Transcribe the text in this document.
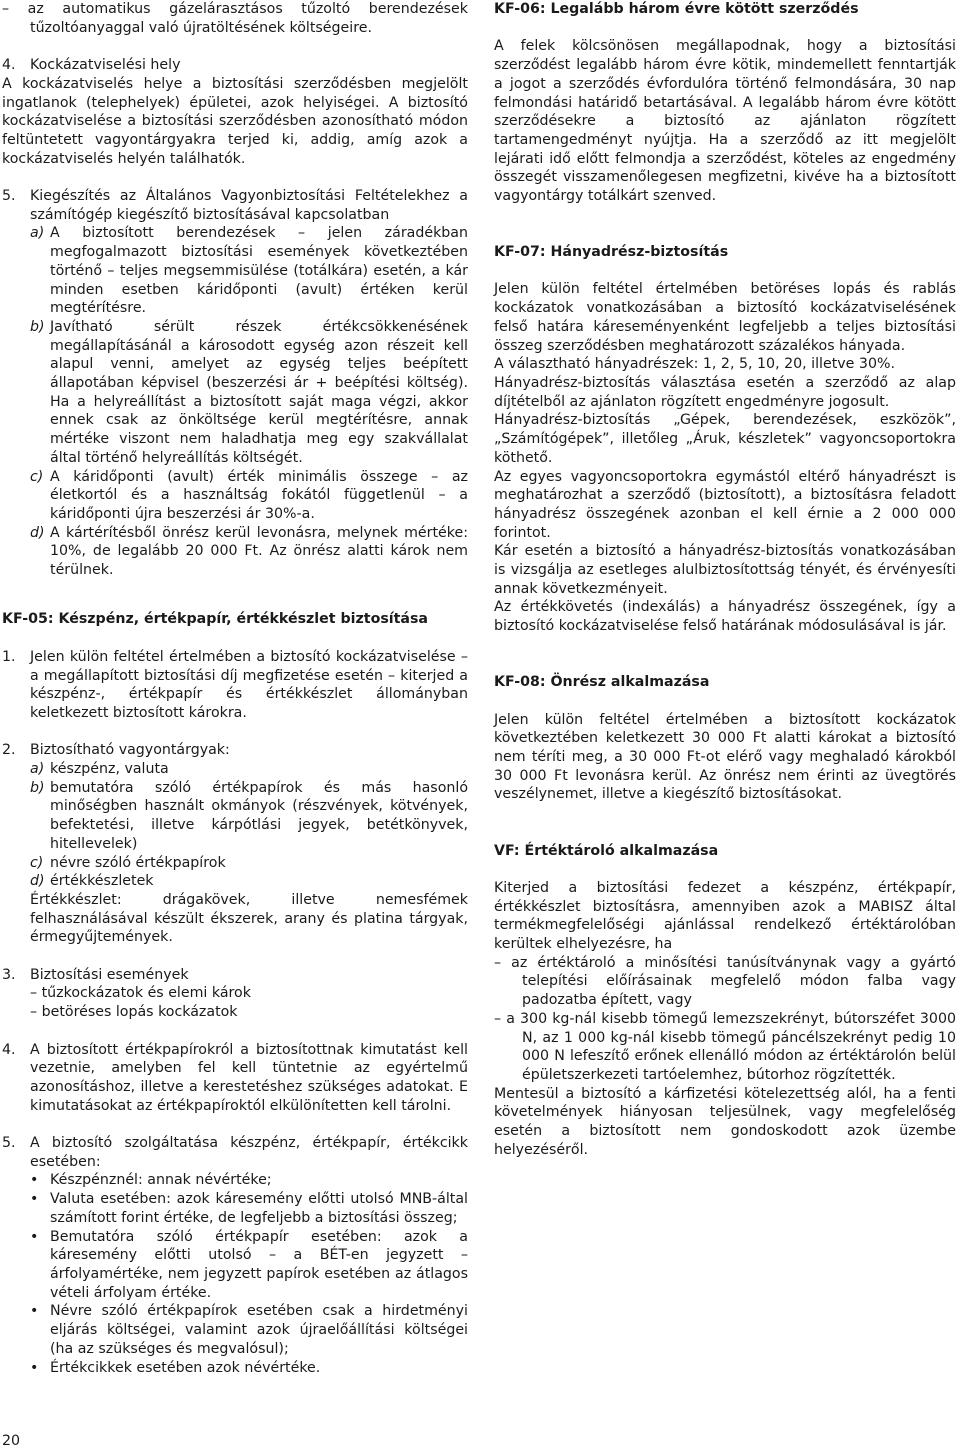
– az automatikus gázelárasztásos tűzoltó berendezések tűzoltóanyaggal való újratöltésének költségeire.

4. Kockázatviselési hely

A kockázatviselés helye a biztosítási szerződésben megjelölt ingatlanok (telephelyek) épületei, azok helyiségei. A biztosító kockázatviselése a biztosítási szerződésben azonosítható módon feltüntetett vagyontárgyakra terjed ki, addig, amíg azok a kockázatviselés helyén találhatók.

5. Kiegészítés az Általános Vagyonbiztosítási Feltételekhez a számítógép kiegészítő biztosításával kapcsolatban

a) A biztosított berendezések – jelen záradékban megfogalmazott biztosítási események következtében történő – teljes megsemmisülése (totálkára) esetén, a kár minden esetben káridőponti (avult) értéken kerül megtérítésre.

b) Javítható sérült részek értékcsökkenésének megállapításánál a károsodott egység azon részeit kell alapul venni, amelyet az egység teljes beépített állapotában képvisel (beszerzési ár + beépítési költség). Ha a helyreállítást a biztosított saját maga végzi, akkor ennek csak az önköltsége kerül megtérítésre, annak mértéke viszont nem haladhatja meg egy szakvállalat által történő helyreállítás költségét.

c) A káridőponti (avult) érték minimális összege – az életkortól és a használtság fokától függetlenül – a káridőponti újra beszerzési ár 30%-a.

d) A kártérítésből önrész kerül levonásra, melynek mértéke: 10%, de legalább 20 000 Ft. Az önrész alatti károk nem térülnek.

KF-05: Készpénz, értékpapír, értékkészlet biztosítása

1. Jelen külön feltétel értelmében a biztosító kockázatviselése – a megállapított biztosítási díj megfizetése esetén – kiterjed a készpénz-, értékpapír és értékkészlet állományban keletkezett biztosított károkra.

2. Biztosítható vagyontárgyak:

a) készpénz, valuta

b) bemutatóra szóló értékpapírok és más hasonló minőségben használt okmányok (részvények, kötvények, befektetési, illetve kárpótlási jegyek, betétkönyvek, hitellevelek)

c) névre szóló értékpapírok

d) értékkészletek

Értékkészlet: drágakövek, illetve nemesfémek felhasználásával készült ékszerek, arany és platina tárgyak, érmegyűjtemények.

3. Biztosítási események

– tűzkockázatok és elemi károk

– betöréses lopás kockázatok

4. A biztosított értékpapírokról a biztosítottnak kimutatást kell vezetnie, amelyben fel kell tüntetnie az egyértelmű azonosításhoz, illetve a kerestetéshez szükséges adatokat. E kimutatásokat az értékpapíroktól elkülönítetten kell tárolni.

5. A biztosító szolgáltatása készpénz, értékpapír, értékcikk esetében:

• Készpénznél: annak névértéke;

• Valuta esetében: azok káresemény előtti utolsó MNB-által számított forint értéke, de legfeljebb a biztosítási összeg;

• Bemutatóra szóló értékpapír esetében: azok a káresemény előtti utolsó – a BÉT-en jegyzett – árfolyamértéke, nem jegyzett papírok esetében az átlagos vételi árfolyam értéke.

• Névre szóló értékpapírok esetében csak a hirdetményi eljárás költségei, valamint azok újraelőállítási költségei (ha az szükséges és megvalósul);

• Értékcikkek esetében azok névértéke.

KF-06: Legalább három évre kötött szerződés

A felek kölcsönösen megállapodnak, hogy a biztosítási szerződést legalább három évre kötik, mindemellett fenntartják a jogot a szerződés évfordulóra történő felmondására, 30 nap felmondási határidő betartásával. A legalább három évre kötött szerződésekre a biztosító az ajánlaton rögzített tartamengedményt nyújtja. Ha a szerződő az itt megjelölt lejárati idő előtt felmondja a szerződést, köteles az engedmény összegét visszamenőlegesen megfizetni, kivéve ha a biztosított vagyontárgy totálkárt szenved.

KF-07: Hányadrész-biztosítás

Jelen külön feltétel értelmében betöréses lopás és rablás kockázatok vonatkozásában a biztosító kockázatviselésének felső határa káreseményenként legfeljebb a teljes biztosítási összeg szerződésben meghatározott százalékos hányada.

A választható hányadrészek: 1, 2, 5, 10, 20, illetve 30%.

Hányadrész-biztosítás választása esetén a szerződő az alap díjtételből az ajánlaton rögzített engedményre jogosult.

Hányadrész-biztosítás „Gépek, berendezések, eszközök”, „Számítógépek”, illetőleg „Áruk, készletek” vagyoncsoportokra köthető.

Az egyes vagyoncsoportokra egymástól eltérő hányadrészt is meghatározhat a szerződő (biztosított), a biztosításra feladott hányadrész összegének azonban el kell érnie a 2 000 000 forintot.

Kár esetén a biztosító a hányadrész-biztosítás vonatkozásában is vizsgálja az esetleges alulbiztosítottság tényét, és érvényesíti annak következményeit.

Az értékkövetés (indexálás) a hányadrész összegének, így a biztosító kockázatviselése felső határának módosulásával is jár.

KF-08: Önrész alkalmazása

Jelen külön feltétel értelmében a biztosított kockázatok következtében keletkezett 30 000 Ft alatti károkat a biztosító nem téríti meg, a 30 000 Ft-ot elérő vagy meghaladó károkból 30 000 Ft levonásra kerül. Az önrész nem érinti az üvegtörés veszélynemet, illetve a kiegészítő biztosításokat.

VF: Értéktároló alkalmazása

Kiterjed a biztosítási fedezet a készpénz, értékpapír, értékkészlet biztosításra, amennyiben azok a MABISZ által termékmegfelelőségi ajánlással rendelkező értéktárolóban kerültek elhelyezésre, ha

– az értéktároló a minősítési tanúsítványnak vagy a gyártó telepítési előírásainak megfelelő módon falba vagy padozatba épített, vagy

– a 300 kg-nál kisebb tömegű lemezszekrényt, bútorszéfet 3000 N, az 1 000 kg-nál kisebb tömegű páncélszekrényt pedig 10 000 N lefeszítő erőnek ellenálló módon az értéktárolón belül épületszerkezeti tartóelemhez, bútorhoz rögzítették.

Mentesül a biztosító a kárfizetési kötelezettség alól, ha a fenti követelmények hiányosan teljesülnek, vagy megfelelőség esetén a biztosított nem gondoskodott azok üzembe helyezéséről.

20
